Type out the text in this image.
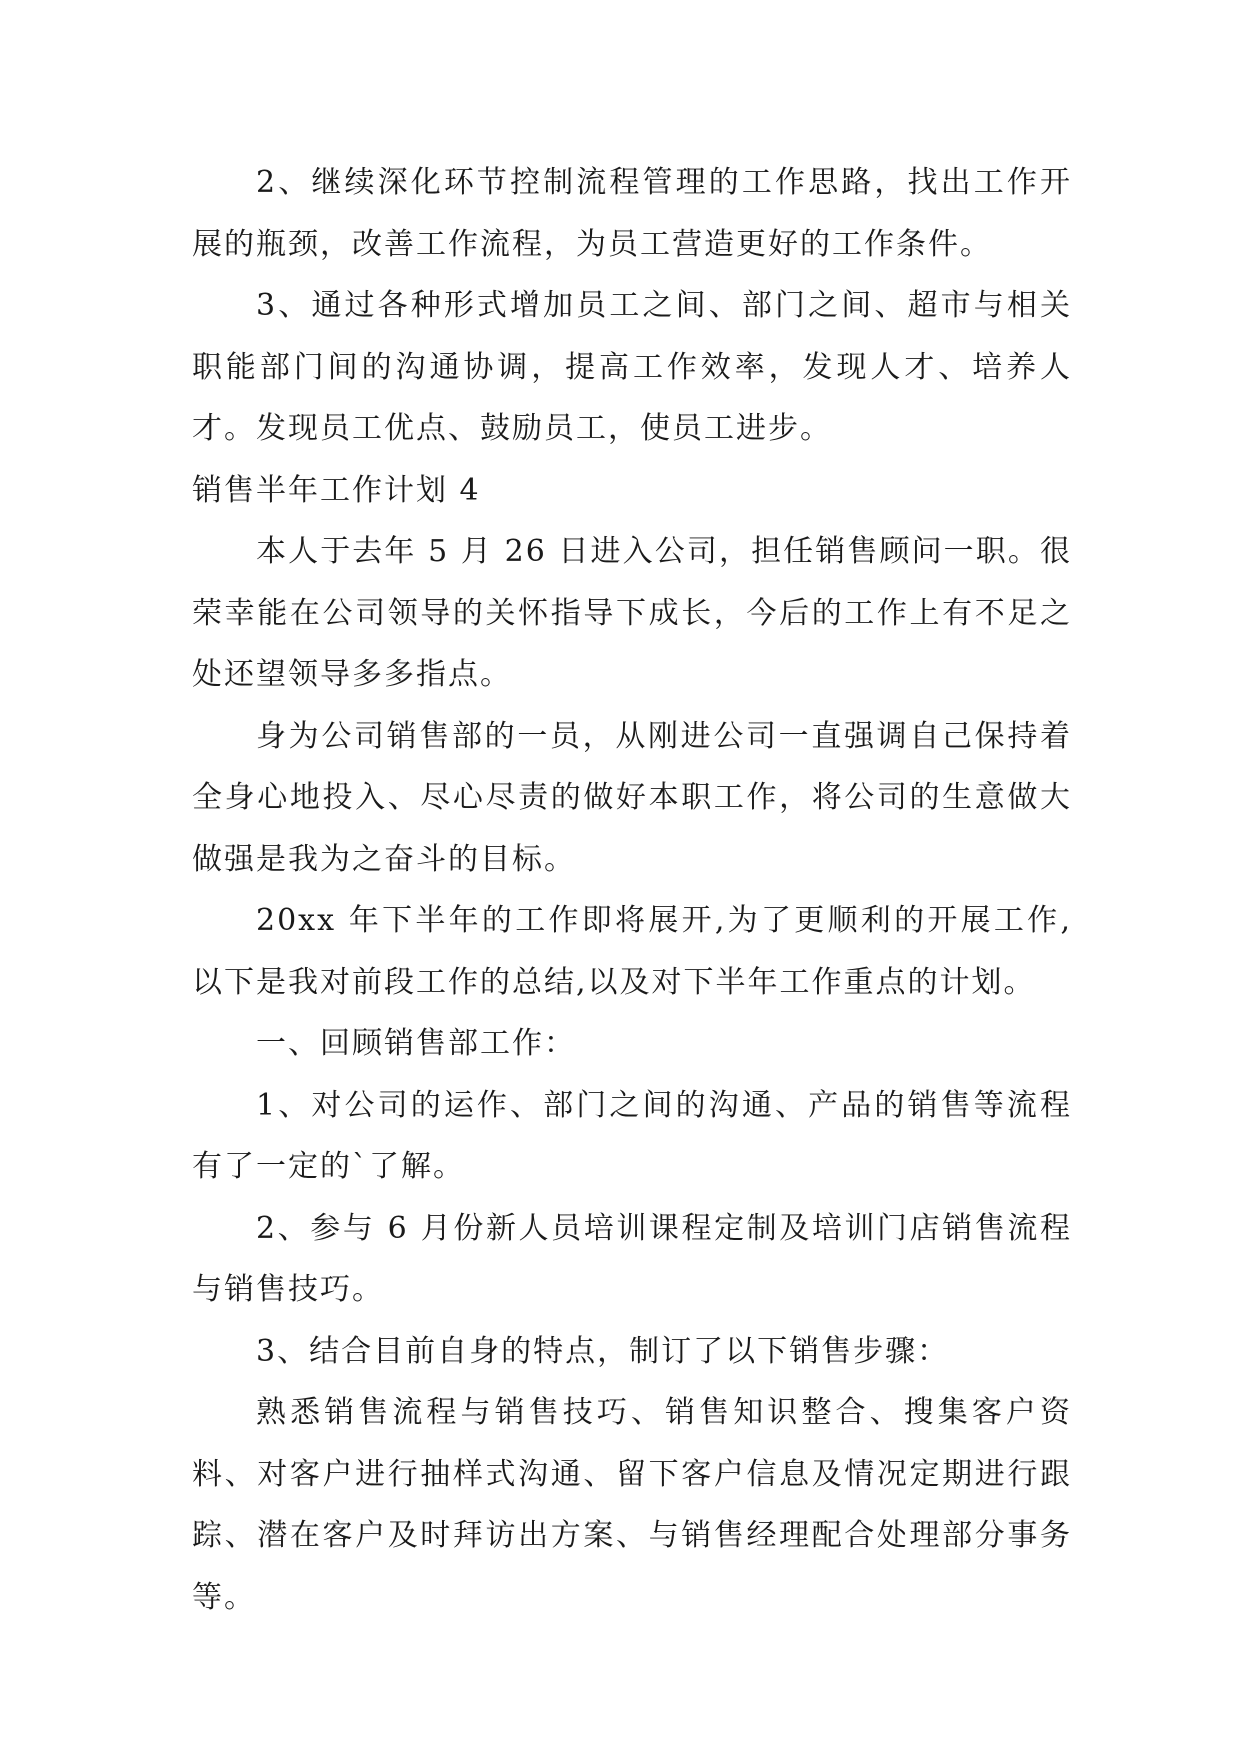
2、继续深化环节控制流程管理的工作思路，找出工作开展的瓶颈，改善工作流程，为员工营造更好的工作条件。

3、通过各种形式增加员工之间、部门之间、超市与相关职能部门间的沟通协调，提高工作效率，发现人才、培养人才。发现员工优点、鼓励员工，使员工进步。

销售半年工作计划 4

本人于去年 5 月 26 日进入公司，担任销售顾问一职。很荣幸能在公司领导的关怀指导下成长，今后的工作上有不足之处还望领导多多指点。

身为公司销售部的一员，从刚进公司一直强调自己保持着全身心地投入、尽心尽责的做好本职工作，将公司的生意做大做强是我为之奋斗的目标。

20xx 年下半年的工作即将展开,为了更顺利的开展工作,以下是我对前段工作的总结,以及对下半年工作重点的计划。

一、回顾销售部工作：

1、对公司的运作、部门之间的沟通、产品的销售等流程有了一定的`了解。

2、参与 6 月份新人员培训课程定制及培训门店销售流程与销售技巧。

3、结合目前自身的特点，制订了以下销售步骤：

熟悉销售流程与销售技巧、销售知识整合、搜集客户资料、对客户进行抽样式沟通、留下客户信息及情况定期进行跟踪、潜在客户及时拜访出方案、与销售经理配合处理部分事务等。
